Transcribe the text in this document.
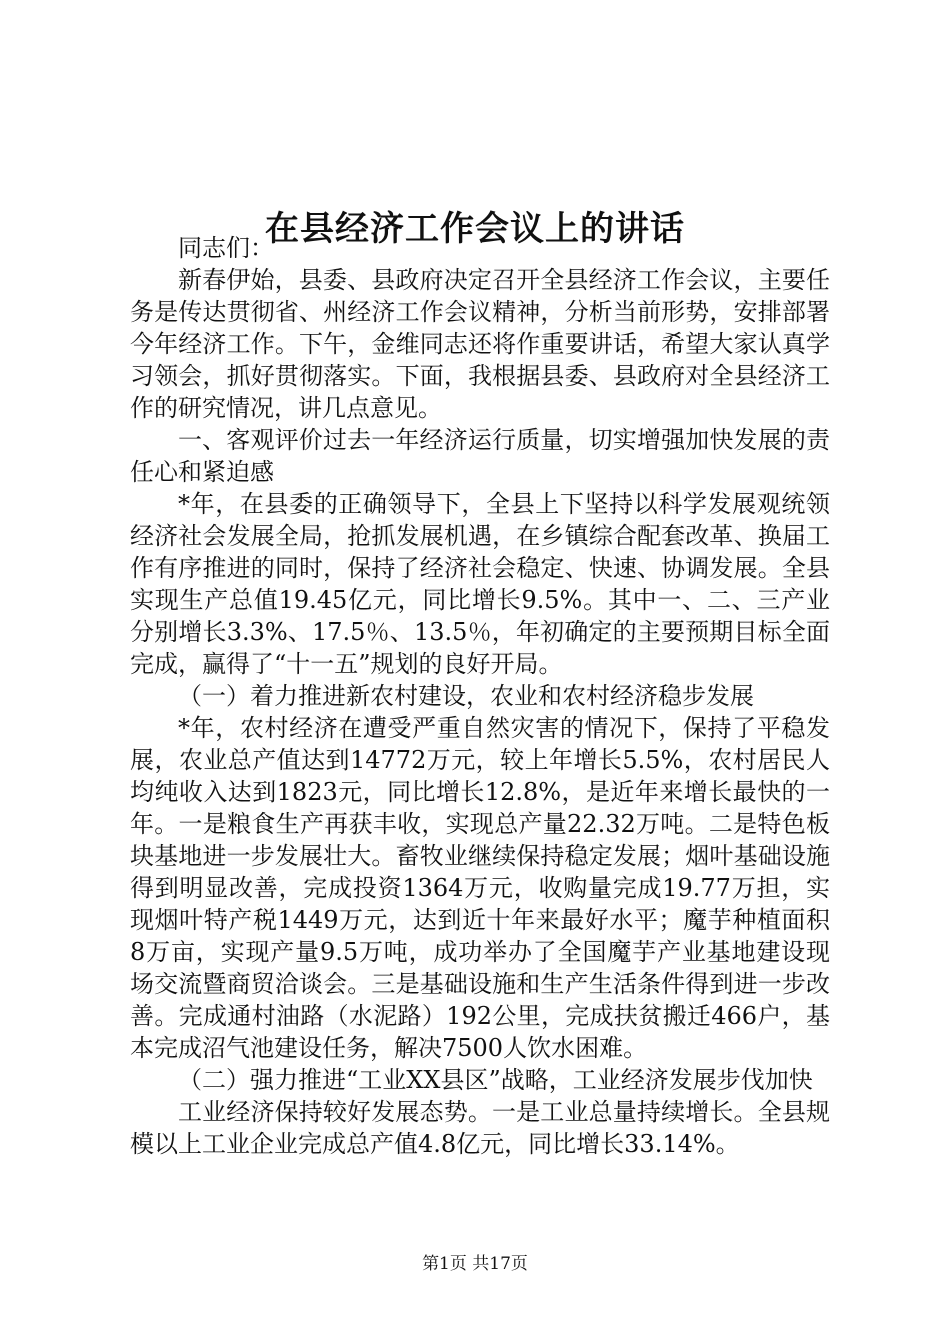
在县经济工作会议上的讲话

同志们：

新春伊始，县委、县政府决定召开全县经济工作会议，主要任务是传达贯彻省、州经济工作会议精神，分析当前形势，安排部署今年经济工作。下午，金维同志还将作重要讲话，希望大家认真学习领会，抓好贯彻落实。下面，我根据县委、县政府对全县经济工作的研究情况，讲几点意见。

一、客观评价过去一年经济运行质量，切实增强加快发展的责任心和紧迫感

*年，在县委的正确领导下，全县上下坚持以科学发展观统领经济社会发展全局，抢抓发展机遇，在乡镇综合配套改革、换届工作有序推进的同时，保持了经济社会稳定、快速、协调发展。全县实现生产总值19.45亿元，同比增长9.5%。其中一、二、三产业分别增长3.3%、17.5％、13.5％，年初确定的主要预期目标全面完成，赢得了“十一五”规划的良好开局。

（一）着力推进新农村建设，农业和农村经济稳步发展

*年，农村经济在遭受严重自然灾害的情况下，保持了平稳发展，农业总产值达到14772万元，较上年增长5.5%，农村居民人均纯收入达到1823元，同比增长12.8%，是近年来增长最快的一年。一是粮食生产再获丰收，实现总产量22.32万吨。二是特色板块基地进一步发展壮大。畜牧业继续保持稳定发展；烟叶基础设施得到明显改善，完成投资1364万元，收购量完成19.77万担，实现烟叶特产税1449万元，达到近十年来最好水平；魔芋种植面积8万亩，实现产量9.5万吨，成功举办了全国魔芋产业基地建设现场交流暨商贸洽谈会。三是基础设施和生产生活条件得到进一步改善。完成通村油路（水泥路）192公里，完成扶贫搬迁466户，基本完成沼气池建设任务，解决7500人饮水困难。

（二）强力推进“工业XX县区”战略，工业经济发展步伐加快

工业经济保持较好发展态势。一是工业总量持续增长。全县规模以上工业企业完成总产值4.8亿元，同比增长33.14%。

第1页 共17页
